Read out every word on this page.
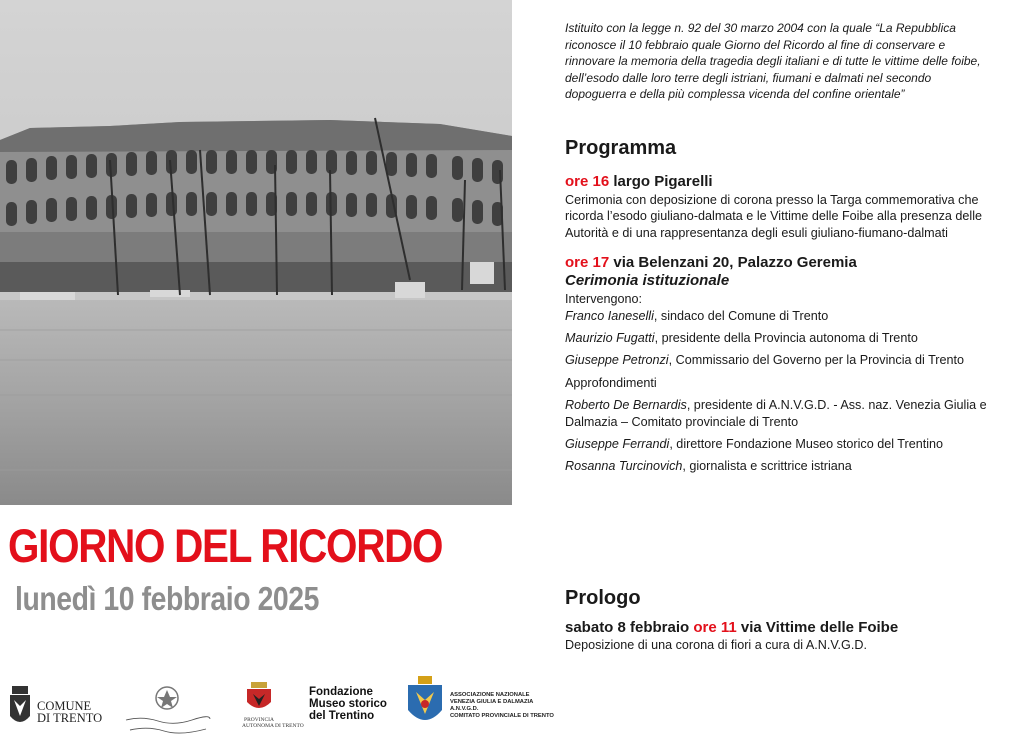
GIORNO DEL RICORDO
lunedì 10 febbraio 2025
Istituito con la legge n. 92 del 30 marzo 2004 con la quale “La Repubblica riconosce il 10 febbraio quale Giorno del Ricordo al fine di conservare e rinnovare la memoria della tragedia degli italiani e di tutte le vittime delle foibe, dell’esodo dalle loro terre degli istriani, fiumani e dalmati nel secondo dopoguerra e della più complessa vicenda del confine orientale”
Programma
ore 16 largo Pigarelli
Cerimonia con deposizione di corona presso la Targa commemorativa che ricorda l’esodo giuliano-dalmata e le Vittime delle Foibe alla presenza delle Autorità e di una rappresentanza degli esuli giuliano-fiumano-dalmati
ore 17 via Belenzani 20, Palazzo Geremia
Cerimonia istituzionale
Intervengono:
Franco Ianeselli, sindaco del Comune di Trento
Maurizio Fugatti, presidente della Provincia autonoma di Trento
Giuseppe Petronzi, Commissario del Governo per la Provincia di Trento
Approfondimenti
Roberto De Bernardis, presidente di A.N.V.G.D. - Ass. naz. Venezia Giulia e Dalmazia – Comitato provinciale di Trento
Giuseppe Ferrandi, direttore Fondazione Museo storico del Trentino
Rosanna Turcinovich, giornalista e scrittrice istriana
Prologo
sabato 8 febbraio ore 11 via Vittime delle Foibe
Deposizione di una corona di fiori a cura di A.N.V.G.D.
COMUNE
DI TRENTO	PROVINCIA
AUTONOMA DI TRENTO
Fondazione
Museo storico
del Trentino
ASSOCIAZIONE NAZIONALE
VENEZIA GIULIA E DALMAZIA
A.N.V.G.D.
COMITATO PROVINCIALE DI TRENTO
